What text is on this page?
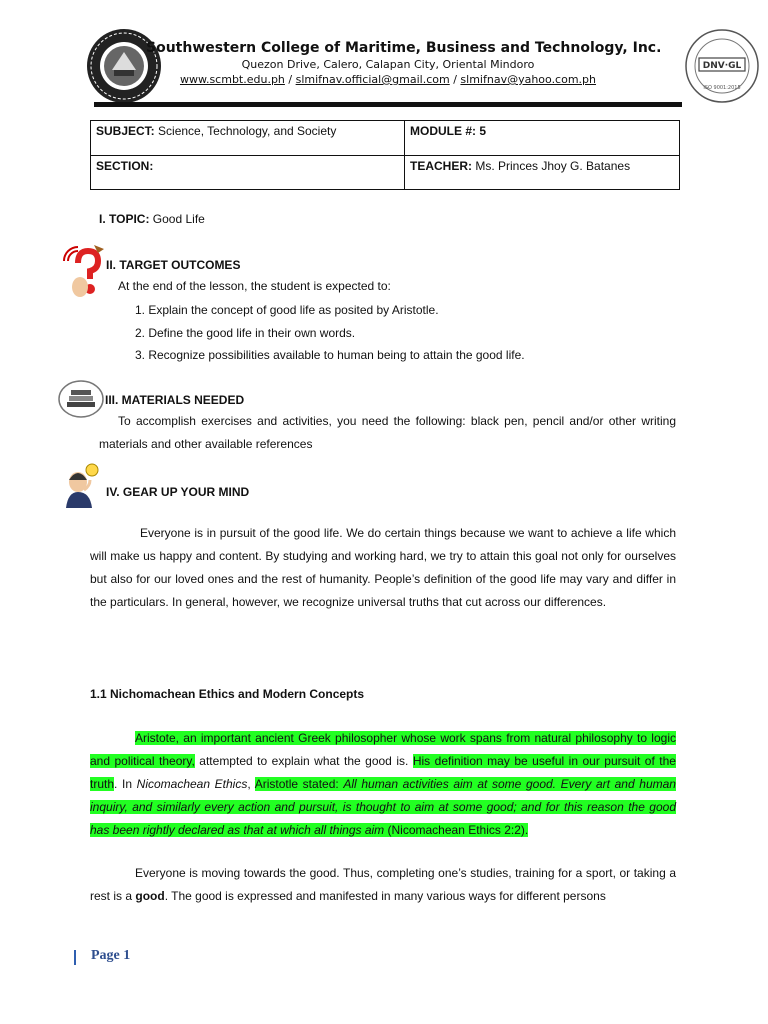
DNV·GL
ISO 9001:2015
Southwestern College of Maritime, Business and Technology, Inc.
Quezon Drive, Calero, Calapan City, Oriental Mindoro
www.scmbt.edu.ph / slmifnav.official@gmail.com / slmifnav@yahoo.com.ph
SUBJECT: Science, Technology, and Society	MODULE #: 5
SECTION:	TEACHER: Ms. Princes Jhoy G. Batanes
I. TOPIC: Good Life
II. TARGET OUTCOMES
At the end of the lesson, the student is expected to:
1. Explain the concept of good life as posited by Aristotle.
2. Define the good life in their own words.
3. Recognize possibilities available to human being to attain the good life.
III. MATERIALS NEEDED
To accomplish exercises and activities, you need the following: black pen, pencil and/or other writing materials and other available references
IV. GEAR UP YOUR MIND
Everyone is in pursuit of the good life. We do certain things because we want to achieve a life which will make us happy and content. By studying and working hard, we try to attain this goal not only for ourselves but also for our loved ones and the rest of humanity. People’s definition of the good life may vary and differ in the particulars. In general, however, we recognize universal truths that cut across our differences.
1.1 Nichomachean Ethics and Modern Concepts
Aristote, an important ancient Greek philosopher whose work spans from natural philosophy to logic and political theory, attempted to explain what the good is. His definition may be useful in our pursuit of the truth. In Nicomachean Ethics, Aristotle stated: All human activities aim at some good. Every art and human inquiry, and similarly every action and pursuit, is thought to aim at some good; and for this reason the good has been rightly declared as that at which all things aim (Nicomachean Ethics 2:2).
Everyone is moving towards the good. Thus, completing one’s studies, training for a sport, or taking a rest is a good. The good is expressed and manifested in many various ways for different persons
Page 1
